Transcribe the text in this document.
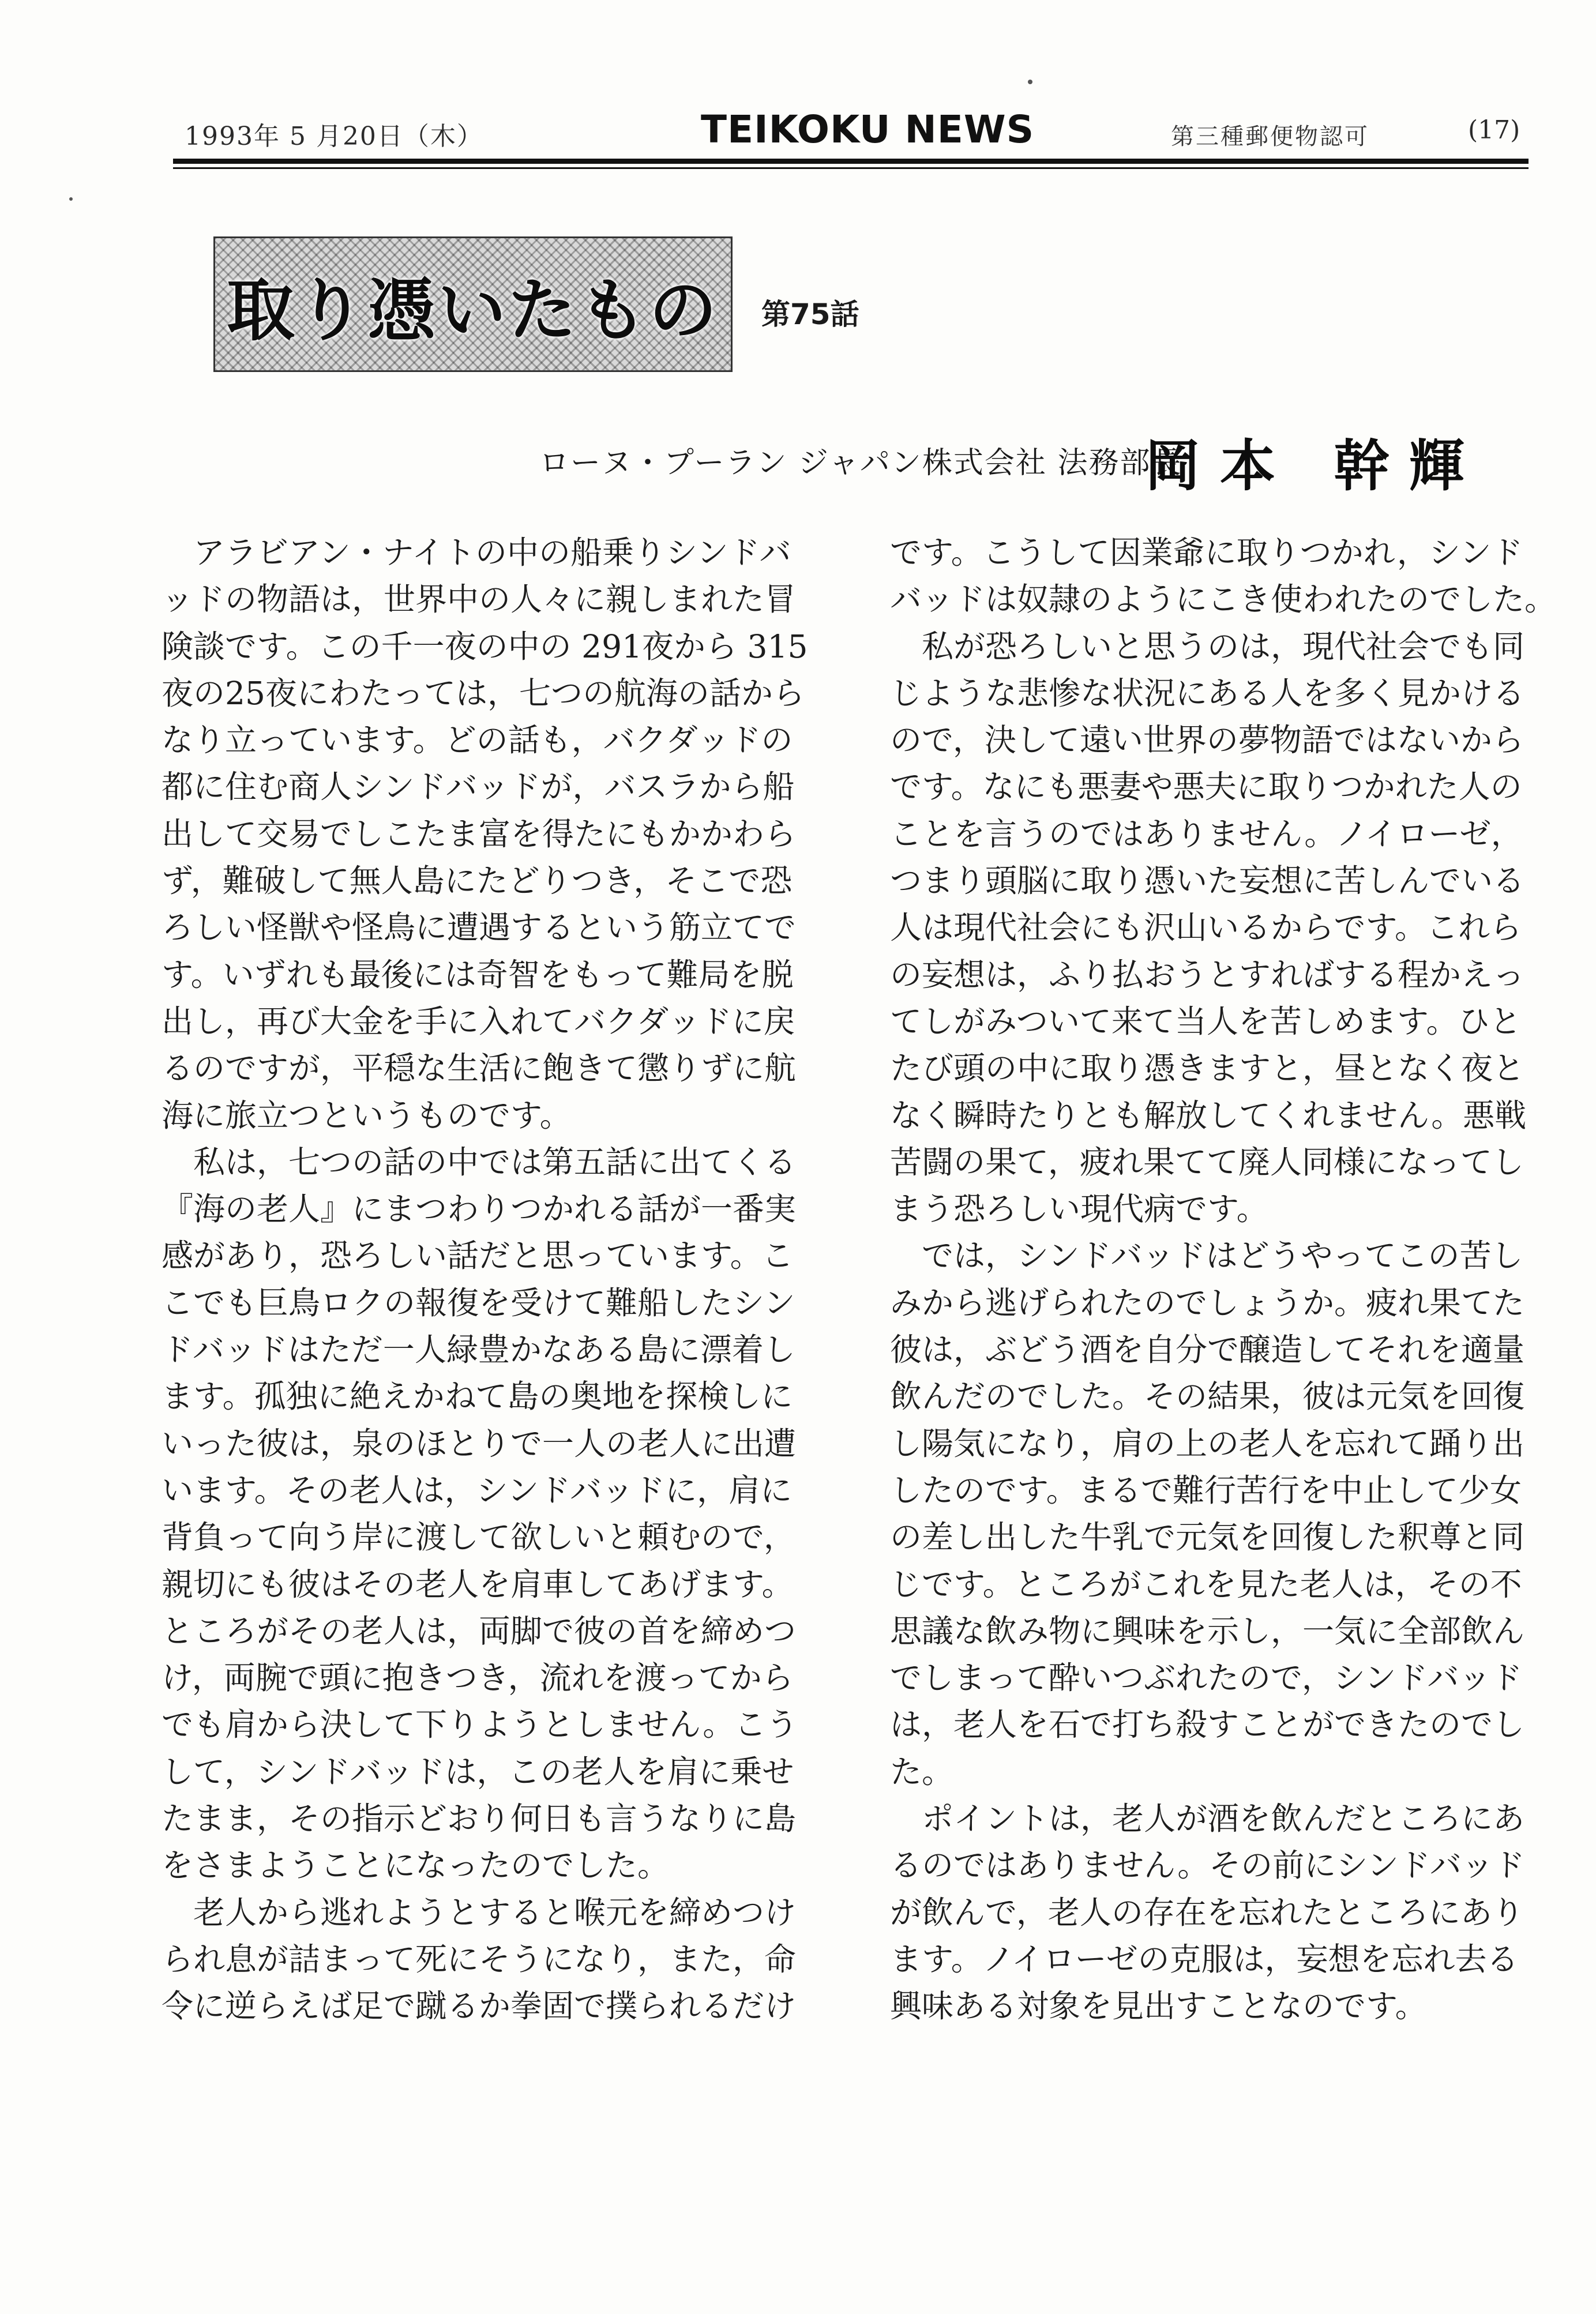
1993年 5 月20日（木）	TEIKOKU NEWS	第三種郵便物認可	(17)
取り憑いたもの	第75話
ローヌ・プーラン ジャパン株式会社 法務部長
岡本 幹輝
アラビアン・ナイトの中の船乗りシンドバ
ッドの物語は，世界中の人々に親しまれた冒
険談です。この千一夜の中の 291夜から 315
夜の25夜にわたっては，七つの航海の話から
なり立っています。どの話も，バクダッドの
都に住む商人シンドバッドが，バスラから船
出して交易でしこたま富を得たにもかかわら
ず，難破して無人島にたどりつき，そこで恐
ろしい怪獣や怪鳥に遭遇するという筋立てで
す。いずれも最後には奇智をもって難局を脱
出し，再び大金を手に入れてバクダッドに戻
るのですが，平穏な生活に飽きて懲りずに航
海に旅立つというものです。
私は，七つの話の中では第五話に出てくる
『海の老人』にまつわりつかれる話が一番実
感があり，恐ろしい話だと思っています。こ
こでも巨鳥ロクの報復を受けて難船したシン
ドバッドはただ一人緑豊かなある島に漂着し
ます。孤独に絶えかねて島の奥地を探検しに
いった彼は，泉のほとりで一人の老人に出遭
います。その老人は，シンドバッドに，肩に
背負って向う岸に渡して欲しいと頼むので，
親切にも彼はその老人を肩車してあげます。
ところがその老人は，両脚で彼の首を締めつ
け，両腕で頭に抱きつき，流れを渡ってから
でも肩から決して下りようとしません。こう
して，シンドバッドは，この老人を肩に乗せ
たまま，その指示どおり何日も言うなりに島
をさまようことになったのでした。
老人から逃れようとすると喉元を締めつけ
られ息が詰まって死にそうになり，また，命
令に逆らえば足で蹴るか拳固で撲られるだけ
です。こうして因業爺に取りつかれ，シンド
バッドは奴隷のようにこき使われたのでした。
私が恐ろしいと思うのは，現代社会でも同
じような悲惨な状況にある人を多く見かける
ので，決して遠い世界の夢物語ではないから
です。なにも悪妻や悪夫に取りつかれた人の
ことを言うのではありません。ノイローゼ，
つまり頭脳に取り憑いた妄想に苦しんでいる
人は現代社会にも沢山いるからです。これら
の妄想は，ふり払おうとすればする程かえっ
てしがみついて来て当人を苦しめます。ひと
たび頭の中に取り憑きますと，昼となく夜と
なく瞬時たりとも解放してくれません。悪戦
苦闘の果て，疲れ果てて廃人同様になってし
まう恐ろしい現代病です。
では，シンドバッドはどうやってこの苦し
みから逃げられたのでしょうか。疲れ果てた
彼は，ぶどう酒を自分で醸造してそれを適量
飲んだのでした。その結果，彼は元気を回復
し陽気になり，肩の上の老人を忘れて踊り出
したのです。まるで難行苦行を中止して少女
の差し出した牛乳で元気を回復した釈尊と同
じです。ところがこれを見た老人は，その不
思議な飲み物に興味を示し，一気に全部飲ん
でしまって酔いつぶれたので，シンドバッド
は，老人を石で打ち殺すことができたのでし
た。
ポイントは，老人が酒を飲んだところにあ
るのではありません。その前にシンドバッド
が飲んで，老人の存在を忘れたところにあり
ます。ノイローゼの克服は，妄想を忘れ去る
興味ある対象を見出すことなのです。
